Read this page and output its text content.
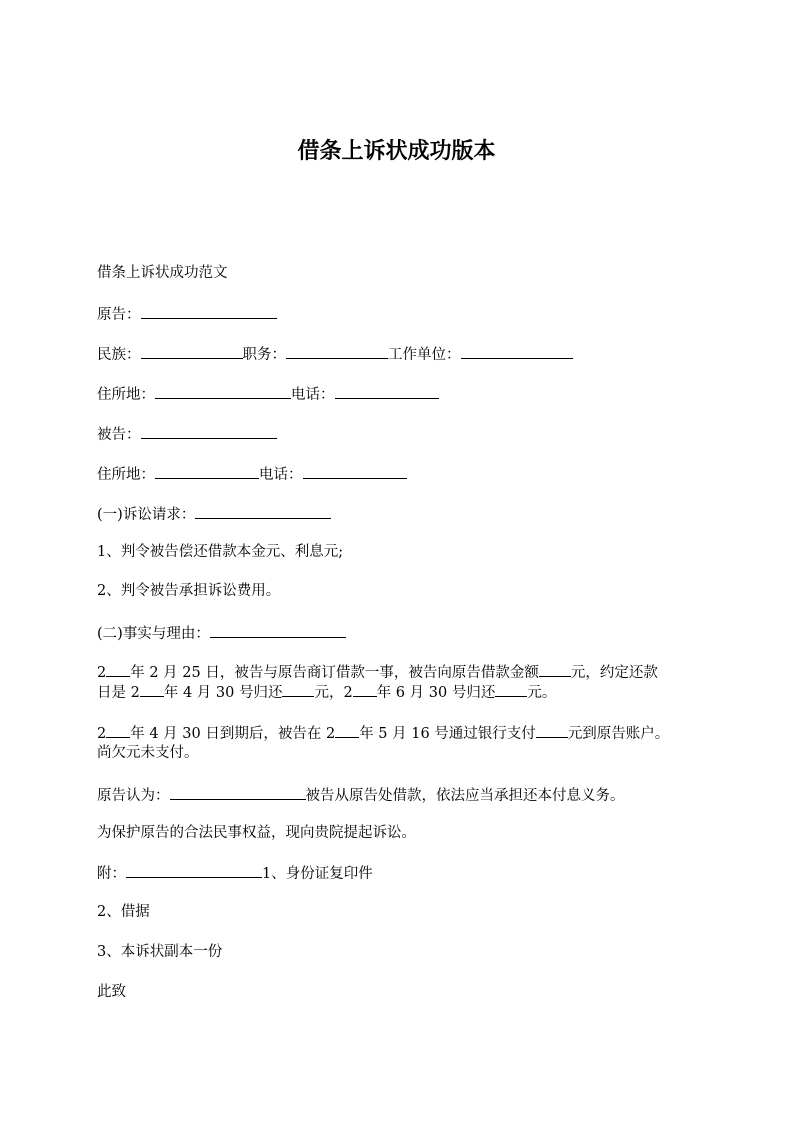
借条上诉状成功版本
借条上诉状成功范文
原告：
民族：	职务：	工作单位：
住所地：	电话：
被告：
住所地：	电话：
(一)诉讼请求：
1、判令被告偿还借款本金元、利息元;
2、判令被告承担诉讼费用。
(二)事实与理由：
2 年 2 月 25 日，被告与原告商订借款一事，被告向原告借款金额 元，约定还款
日是 2 年 4 月 30 号归还 元，2 年 6 月 30 号归还 元。
2 年 4 月 30 日到期后，被告在 2 年 5 月 16 号通过银行支付 元到原告账户。
尚欠元未支付。
原告认为：	被告从原告处借款，依法应当承担还本付息义务。
为保护原告的合法民事权益，现向贵院提起诉讼。
附：	1、身份证复印件
2、借据
3、本诉状副本一份
此致
